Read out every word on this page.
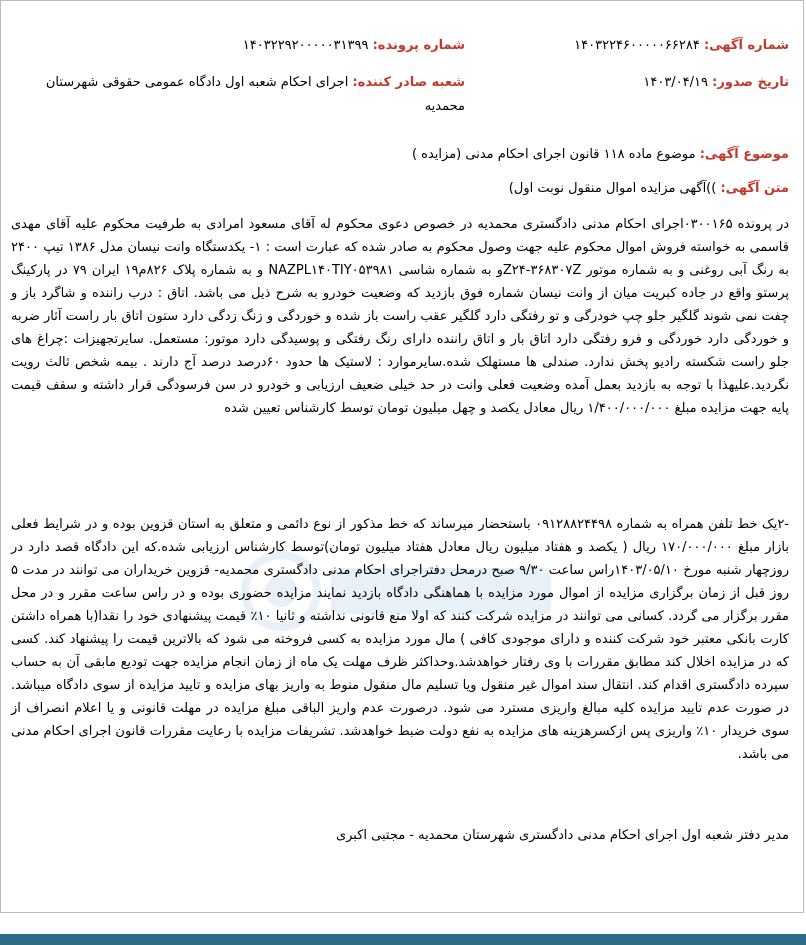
شماره آگهی: ۱۴۰۳۲۲۴۶۰۰۰۰۰۶۶۲۸۴
شماره پرونده: ۱۴۰۳۲۲۹۲۰۰۰۰۰۳۱۳۹۹
تاریخ صدور: ۱۴۰۳/۰۴/۱۹
شعبه صادر کننده: اجرای احکام شعبه اول دادگاه عمومی حقوقی شهرستان
محمدیه
موضوع آگهی: موضوع ماده ۱۱۸ قانون اجرای احکام مدنی (مزایده )
متن آگهی: ))آگهی مزایده اموال منقول نوبت اول)

در پرونده ۰۳۰۰۱۶۵اجرای احکام مدنی دادگستری محمدیه در خصوص دعوی محکوم له آقای مسعود امرادی به طرفیت محکوم علیه آقای مهدی قاسمی به خواسته فروش اموال محکوم علیه جهت وصول محکوم به صادر شده که عبارت است : ۱- یکدستگاه وانت نیسان مدل ۱۳۸۶ تیپ ۲۴۰۰ به رنگ آبی روغنی و به شماره موتور Z۲۴-۳۶۸۳۰۷Zو به شماره شاسی NAZPL۱۴۰TIY۰۵۳۹۸۱ و به شماره پلاک ۸۲۶م۱۹ ایران ۷۹ در پارکینگ پرستو واقع در جاده کبریت میان از وانت نیسان شماره فوق بازدید که وضعیت خودرو به شرح ذیل می باشد. اتاق : درب راننده و شاگرد باز و چفت نمی شوند گلگیر جلو چپ خودرگی و تو رفتگی دارد گلگیر عقب راست باز شده و خوردگی و زنگ زدگی دارد ستون اتاق بار راست آثار ضربه و خوردگی دارد خوردگی و فرو رفتگی دارد اتاق بار و اتاق راننده دارای رنگ رفتگی و پوسیدگی دارد موتور: مستعمل. سایرتجهیزات :چراغ های جلو راست شکسته رادیو پخش ندارد. صندلی ها مستهلک شده.سایرموارد : لاستیک ها حدود ۶۰درصد درصد آج دارند . بیمه شخص ثالث رویت نگردید.علیهذا با توجه به بازدید بعمل آمده وضعیت فعلی وانت در حد خیلی ضعیف ارزیابی و خودرو در سن فرسودگی قرار داشته و سقف قیمت پایه جهت مزایده مبلغ ۱/۴۰۰/۰۰۰/۰۰۰ ریال معادل یکصد و چهل میلیون تومان توسط کارشناس تعیین شده

-۲یک خط تلفن همراه به شماره ۰۹۱۲۸۸۲۴۴۹۸ باستحضار میرساند که خط مذکور از نوع دائمی و متعلق به استان قزوین بوده و در شرایط فعلی بازار مبلغ ۱۷۰/۰۰۰/۰۰۰ ریال ( یکصد و هفتاد میلیون ریال معادل هفتاد میلیون تومان)توسط کارشناس ارزیابی شده.که این دادگاه قصد دارد در روزچهار شنبه مورخ ۱۴۰۳/۰۵/۱۰راس ساعت ۹/۳۰ صبح درمحل دفتراجرای احکام مدنی دادگستری محمدیه- قزوین خریداران می توانند در مدت ۵ روز قبل از زمان برگزاری مزایده از اموال مورد مزایده با هماهنگی دادگاه بازدید نمایند مزایده حضوری بوده و در راس ساعت مقرر و در محل مقرر برگزار می گردد. کسانی می توانند در مزایده شرکت کنند که اولا منع قانونی نداشته و ثانیا ۱۰٪ قیمت پیشنهادی خود را نقدا(با همراه داشتن کارت بانکی معتبر خود شرکت کننده و دارای موجودی کافی ) مال مورد مزایده به کسی فروخته می شود که بالاترین قیمت را پیشنهاد کند. کسی که در مزایده اخلال کند مطابق مقررات با وی رفتار خواهدشد.وحداکثر ظرف مهلت یک ماه از زمان انجام مزایده جهت تودیع مابقی آن به حساب سپرده دادگستری اقدام کند. انتقال سند اموال غیر منقول ویا تسلیم مال منقول منوط به واریز بهای مزایده و تایید مزایده از سوی دادگاه میباشد. در صورت عدم تایید مزایده کلیه مبالغ واریزی مسترد می شود. درصورت عدم واریز الباقی مبلغ مزایده در مهلت قانونی و یا اعلام انصراف از سوی خریدار ۱۰٪ واریزی پس ازکسرهزینه های مزایده به نفع دولت ضبط خواهدشد. تشریفات مزایده با رعایت مقررات قانون اجرای احکام مدنی می باشد.

مدیر دفتر شعبه اول اجرای احکام مدنی دادگستری شهرستان محمدیه - مجتبی اکبری
